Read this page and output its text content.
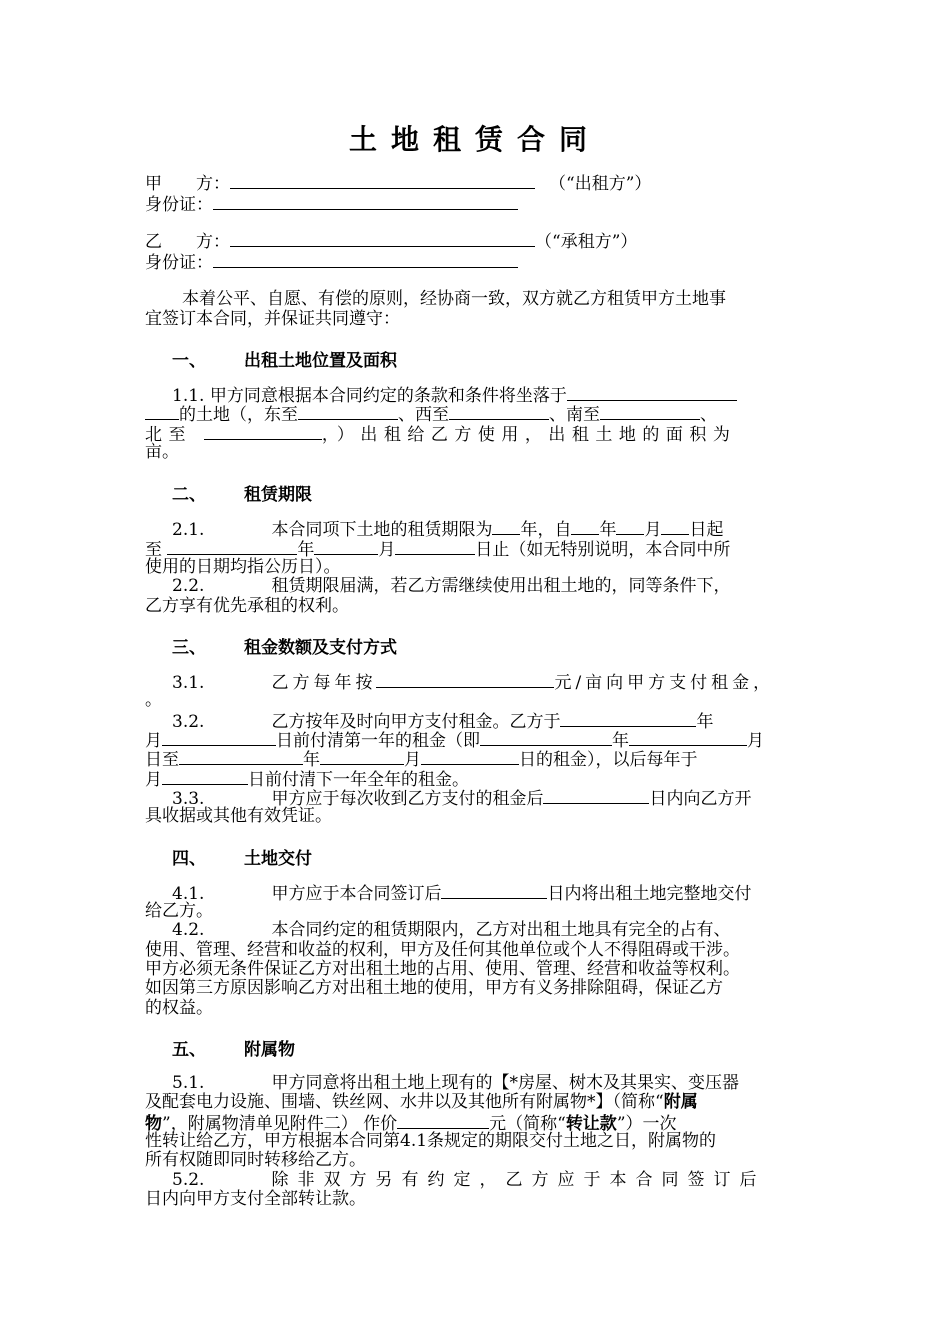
土地租赁合同
甲　　方：	（“出租方”）
身份证：
乙　　方：	（“承租方”）
身份证：
本着公平、自愿、有偿的原则，经协商一致，双方就乙方租赁甲方土地事
宜签订本合同，并保证共同遵守：
一、 出租土地位置及面积
1.1. 甲方同意根据本合同约定的条款和条件将坐落于
的土地（，东至	、西至	、南至	、
北至	，）出租给乙方使用，出租土地的面积为
亩。
二、 租赁期限
2.1.	本合同项下土地的租赁期限为 年，自 年 月 日起
至	年	月	日止（如无特别说明，本合同中所
使用的日期均指公历日）。
2.2.	租赁期限届满，若乙方需继续使用出租土地的，同等条件下，
乙方享有优先承租的权利。
三、 租金数额及支付方式
3.1.	乙方每年按	元/亩向甲方支付租金，
。
3.2.	乙方按年及时向甲方支付租金。乙方于	年
月	日前付清第一年的租金（即	年	月
日至	年	月	日的租金），以后每年于
月	日前付清下一年全年的租金。
3.3.	甲方应于每次收到乙方支付的租金后	日内向乙方开
具收据或其他有效凭证。
四、 土地交付
4.1.	甲方应于本合同签订后	日内将出租土地完整地交付
给乙方。
4.2.	本合同约定的租赁期限内，乙方对出租土地具有完全的占有、
使用、管理、经营和收益的权利，甲方及任何其他单位或个人不得阻碍或干涉。
甲方必须无条件保证乙方对出租土地的占用、使用、管理、经营和收益等权利。
如因第三方原因影响乙方对出租土地的使用，甲方有义务排除阻碍，保证乙方
的权益。
五、 附属物
5.1.	甲方同意将出租土地上现有的【*房屋、树木及其果实、变压器
及配套电力设施、围墙、铁丝网、水井以及其他所有附属物*】（简称“附属
物”，附属物清单见附件二） 作价	元（简称“转让款”）一次
性转让给乙方，甲方根据本合同第4.1条规定的期限交付土地之日，附属物的
所有权随即同时转移给乙方。
5.2.	除非双方另有约定，乙方应于本合同签订后
日内向甲方支付全部转让款。
